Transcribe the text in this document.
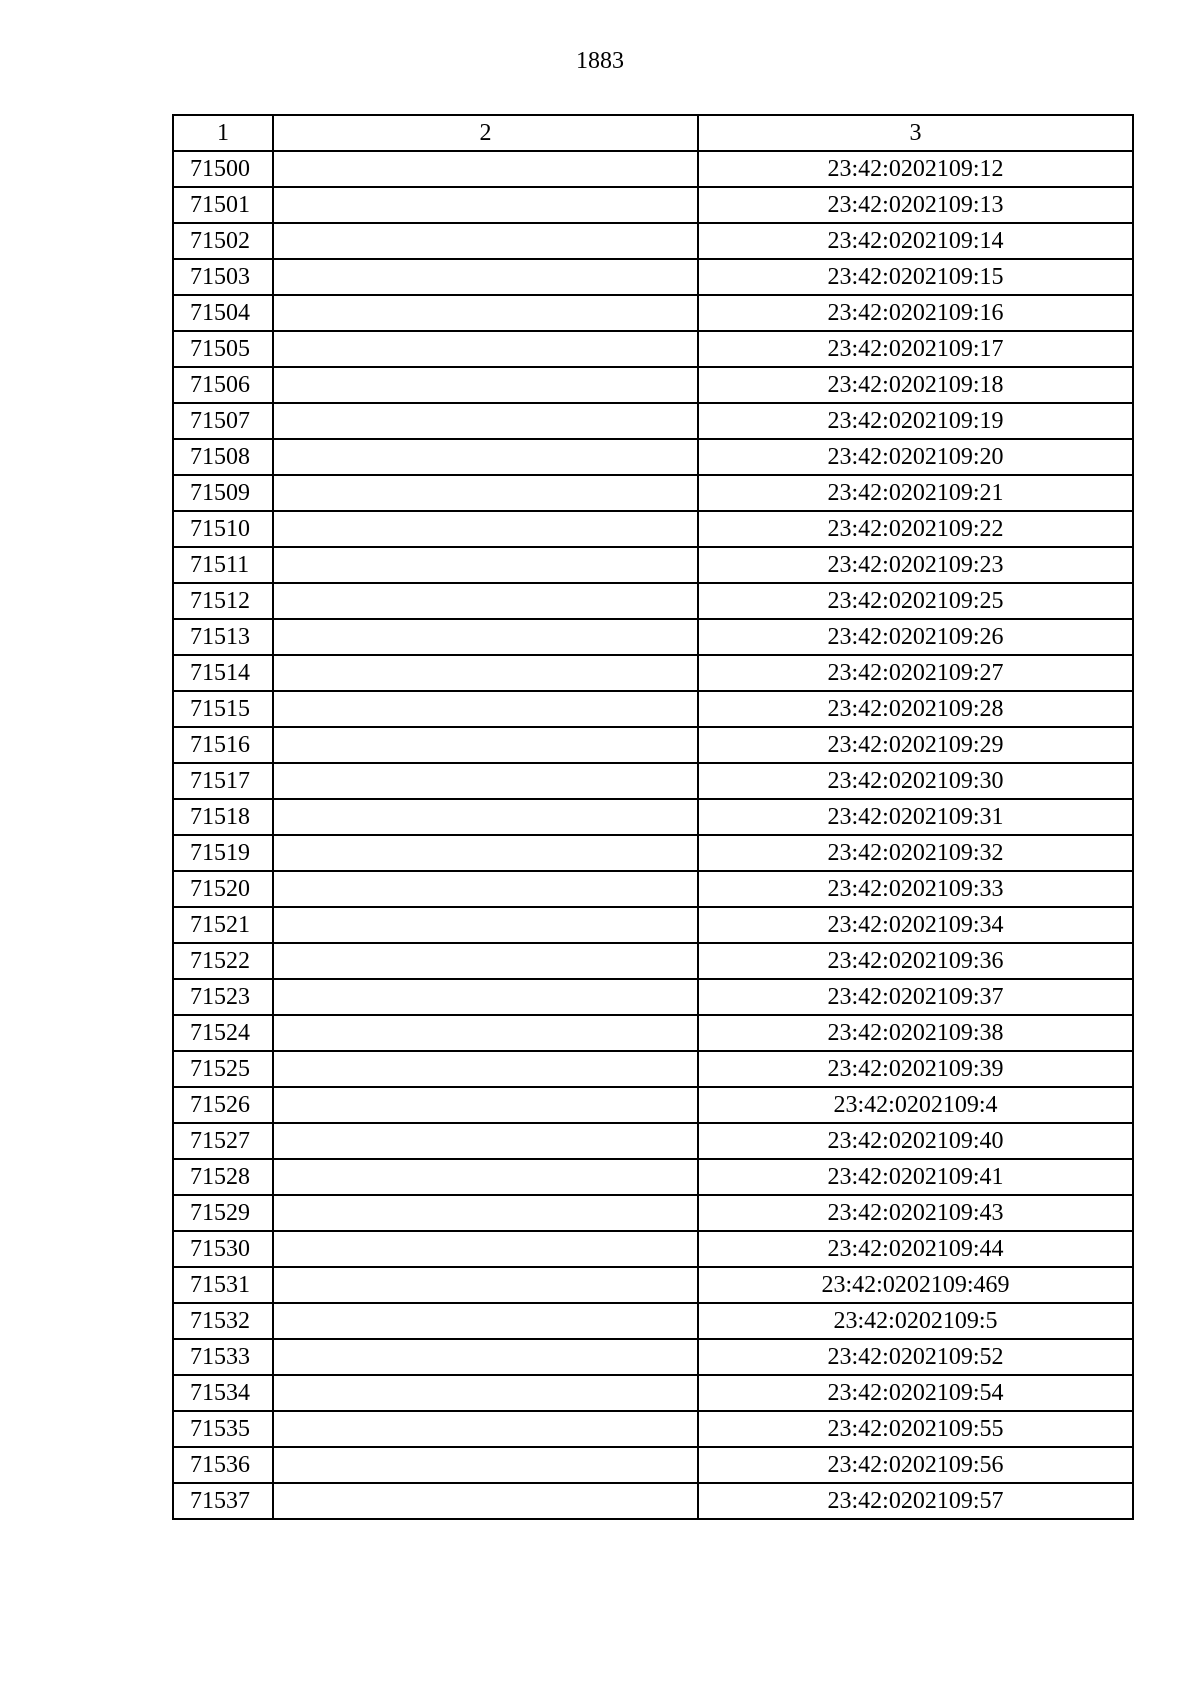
1883
1	2	3
71500		23:42:0202109:12
71501		23:42:0202109:13
71502		23:42:0202109:14
71503		23:42:0202109:15
71504		23:42:0202109:16
71505		23:42:0202109:17
71506		23:42:0202109:18
71507		23:42:0202109:19
71508		23:42:0202109:20
71509		23:42:0202109:21
71510		23:42:0202109:22
71511		23:42:0202109:23
71512		23:42:0202109:25
71513		23:42:0202109:26
71514		23:42:0202109:27
71515		23:42:0202109:28
71516		23:42:0202109:29
71517		23:42:0202109:30
71518		23:42:0202109:31
71519		23:42:0202109:32
71520		23:42:0202109:33
71521		23:42:0202109:34
71522		23:42:0202109:36
71523		23:42:0202109:37
71524		23:42:0202109:38
71525		23:42:0202109:39
71526		23:42:0202109:4
71527		23:42:0202109:40
71528		23:42:0202109:41
71529		23:42:0202109:43
71530		23:42:0202109:44
71531		23:42:0202109:469
71532		23:42:0202109:5
71533		23:42:0202109:52
71534		23:42:0202109:54
71535		23:42:0202109:55
71536		23:42:0202109:56
71537		23:42:0202109:57
